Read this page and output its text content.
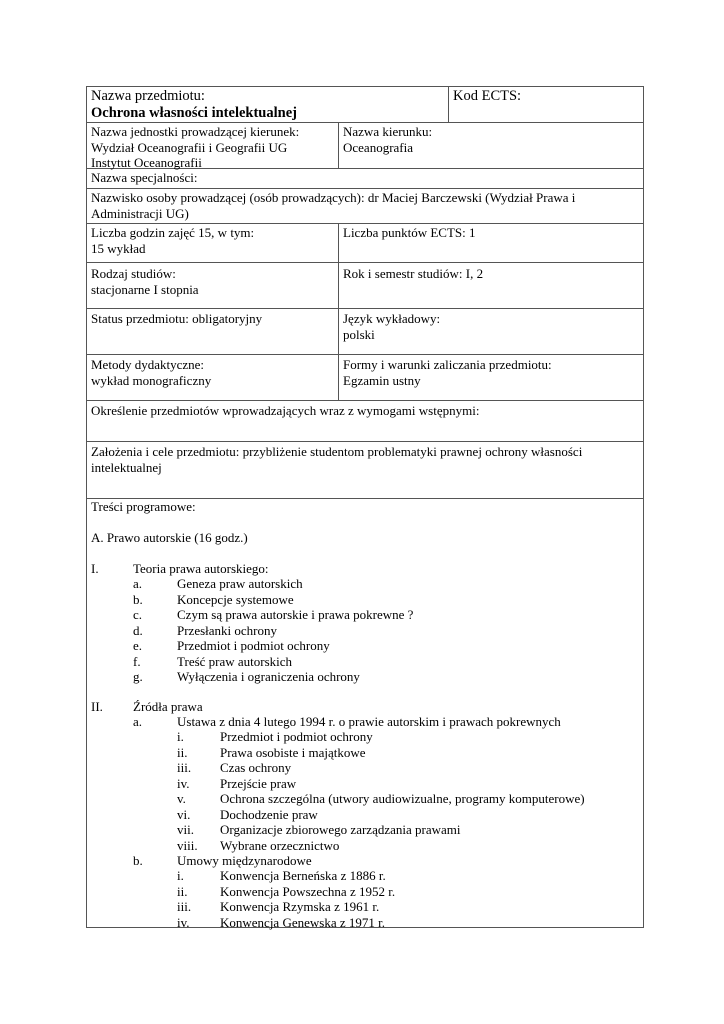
Nazwa przedmiotu:
Ochrona własności intelektualnej
Kod ECTS:
Nazwa jednostki prowadzącej kierunek:
Wydział Oceanografii i Geografii UG
Instytut Oceanografii
Nazwa kierunku:
Oceanografia
Nazwa specjalności:
Nazwisko osoby prowadzącej (osób prowadzących): dr Maciej Barczewski (Wydział Prawa i
Administracji UG)
Liczba godzin zajęć 15, w tym:
15 wykład
Liczba punktów ECTS: 1
Rodzaj studiów:
stacjonarne I stopnia
Rok i semestr studiów: I, 2
Status przedmiotu: obligatoryjny	Język wykładowy:
polski
Metody dydaktyczne:
wykład monograficzny
Formy i warunki zaliczania przedmiotu:
Egzamin ustny
Określenie przedmiotów wprowadzających wraz z wymogami wstępnymi:
Założenia i cele przedmiotu: przybliżenie studentom problematyki prawnej ochrony własności
intelektualnej
Treści programowe:
A. Prawo autorskie (16 godz.)
I.	Teoria prawa autorskiego:
a.	Geneza praw autorskich
b.	Koncepcje systemowe
c.	Czym są prawa autorskie i prawa pokrewne ?
d.	Przesłanki ochrony
e.	Przedmiot i podmiot ochrony
f.	Treść praw autorskich
g.	Wyłączenia i ograniczenia ochrony
II. Źródła prawa
a.	Ustawa z dnia 4 lutego 1994 r. o prawie autorskim i prawach pokrewnych
i.	Przedmiot i podmiot ochrony
ii.	Prawa osobiste i majątkowe
iii. Czas ochrony
iv. Przejście praw
v.	Ochrona szczególna (utwory audiowizualne, programy komputerowe)
vi. Dochodzenie praw
vii. Organizacje zbiorowego zarządzania prawami
viii. Wybrane orzecznictwo
b.	Umowy międzynarodowe
i.	Konwencja Berneńska z 1886 r.
ii.	Konwencja Powszechna z 1952 r.
iii. Konwencja Rzymska z 1961 r.
iv. Konwencja Genewska z 1971 r.
